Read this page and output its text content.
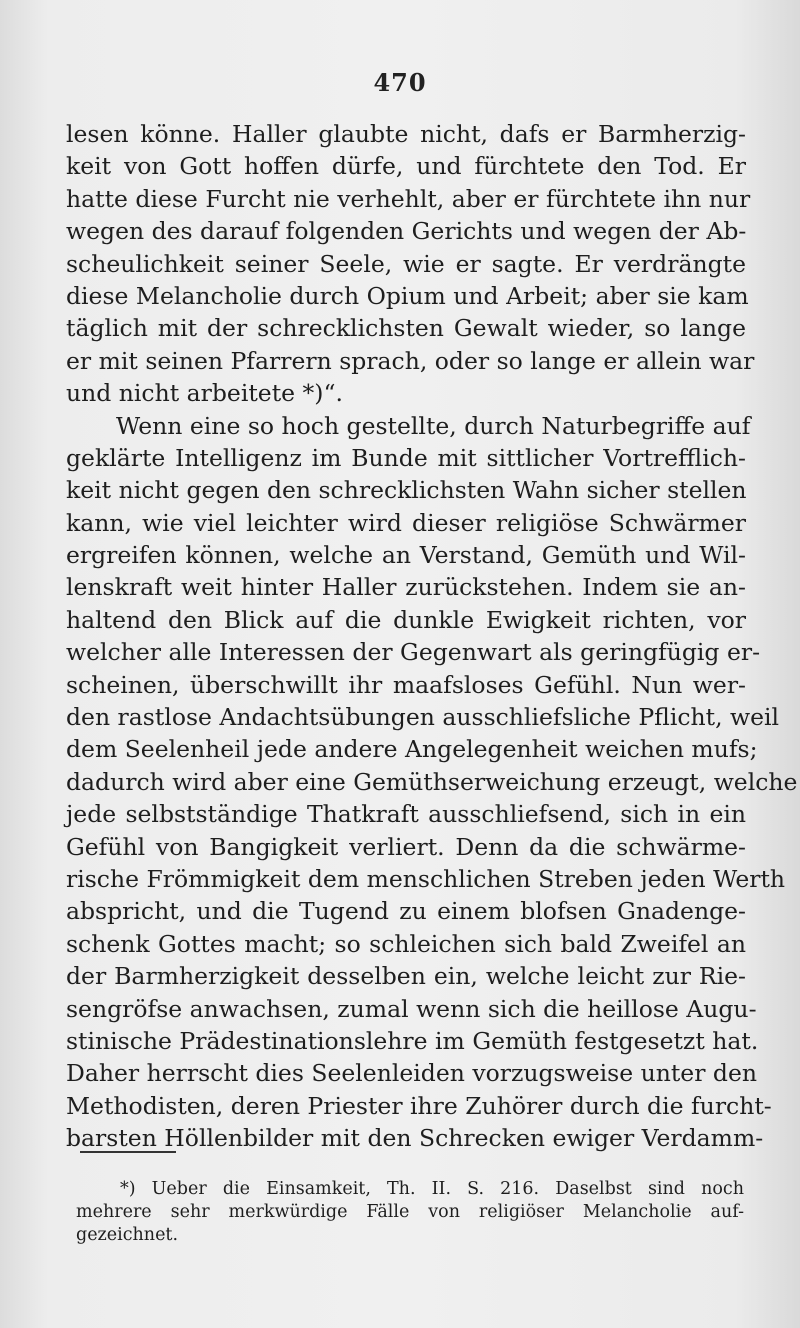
470
lesen könne. Haller glaubte nicht, dafs er Barmherzig-
keit von Gott hoffen dürfe, und fürchtete den Tod. Er
hatte diese Furcht nie verhehlt, aber er fürchtete ihn nur
wegen des darauf folgenden Gerichts und wegen der Ab-
scheulichkeit seiner Seele, wie er sagte. Er verdrängte
diese Melancholie durch Opium und Arbeit; aber sie kam
täglich mit der schrecklichsten Gewalt wieder, so lange
er mit seinen Pfarrern sprach, oder so lange er allein war
und nicht arbeitete *)“.
Wenn eine so hoch gestellte, durch Naturbegriffe auf
geklärte Intelligenz im Bunde mit sittlicher Vortrefflich-
keit nicht gegen den schrecklichsten Wahn sicher stellen
kann, wie viel leichter wird dieser religiöse Schwärmer
ergreifen können, welche an Verstand, Gemüth und Wil-
lenskraft weit hinter Haller zurückstehen. Indem sie an-
haltend den Blick auf die dunkle Ewigkeit richten, vor
welcher alle Interessen der Gegenwart als geringfügig er-
scheinen, überschwillt ihr maafsloses Gefühl. Nun wer-
den rastlose Andachtsübungen ausschliefsliche Pflicht, weil
dem Seelenheil jede andere Angelegenheit weichen mufs;
dadurch wird aber eine Gemüthserweichung erzeugt, welche
jede selbstständige Thatkraft ausschliefsend, sich in ein
Gefühl von Bangigkeit verliert. Denn da die schwärme-
rische Frömmigkeit dem menschlichen Streben jeden Werth
abspricht, und die Tugend zu einem blofsen Gnadenge-
schenk Gottes macht; so schleichen sich bald Zweifel an
der Barmherzigkeit desselben ein, welche leicht zur Rie-
sengröfse anwachsen, zumal wenn sich die heillose Augu-
stinische Prädestinationslehre im Gemüth festgesetzt hat.
Daher herrscht dies Seelenleiden vorzugsweise unter den
Methodisten, deren Priester ihre Zuhörer durch die furcht-
barsten Höllenbilder mit den Schrecken ewiger Verdamm-
*) Ueber die Einsamkeit, Th. II. S. 216. Daselbst sind noch
mehrere sehr merkwürdige Fälle von religiöser Melancholie auf-
gezeichnet.
